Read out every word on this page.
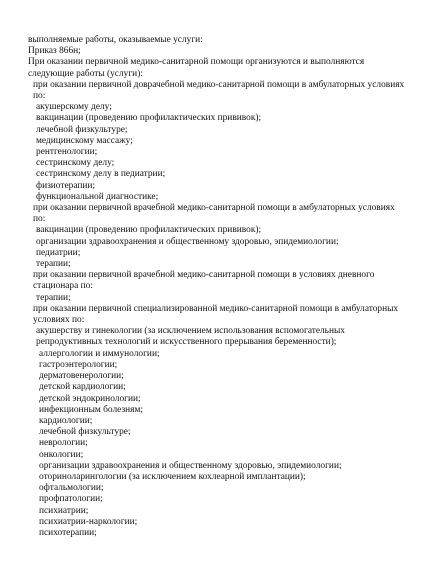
выполняемые работы, оказываемые услуги:
Приказ 866н;
При оказании первичной медико-санитарной помощи организуются и выполняются следующие работы (услуги):
при оказании первичной доврачебной медико-санитарной помощи в амбулаторных условиях по:
акушерскому делу;
вакцинации (проведению профилактических прививок);
лечебной физкультуре;
медицинскому массажу;
рентгенологии;
сестринскому делу;
сестринскому делу в педиатрии;
физиотерапии;
функциональной диагностике;
при оказании первичной врачебной медико-санитарной помощи в амбулаторных условиях по:
вакцинации (проведению профилактических прививок);
организации здравоохранения и общественному здоровью, эпидемиологии;
педиатрии;
терапии;
при оказании первичной врачебной медико-санитарной помощи в условиях дневного стационара по:
терапии;
при оказании первичной специализированной медико-санитарной помощи в амбулаторных условиях по:
акушерству и гинекологии (за исключением использования вспомогательных репродуктивных технологий и искусственного прерывания беременности);
аллергологии и иммунологии;
гастроэнтерологии;
дерматовенерологии;
детской кардиологии;
детской эндокринологии;
инфекционным болезням;
кардиологии;
лечебной физкультуре;
неврологии;
онкологии;
организации здравоохранения и общественному здоровью, эпидемиологии;
оториноларингологии (за исключением кохлеарной имплантации);
офтальмологии;
профпатологии;
психиатрии;
психиатрии-наркологии;
психотерапии;
